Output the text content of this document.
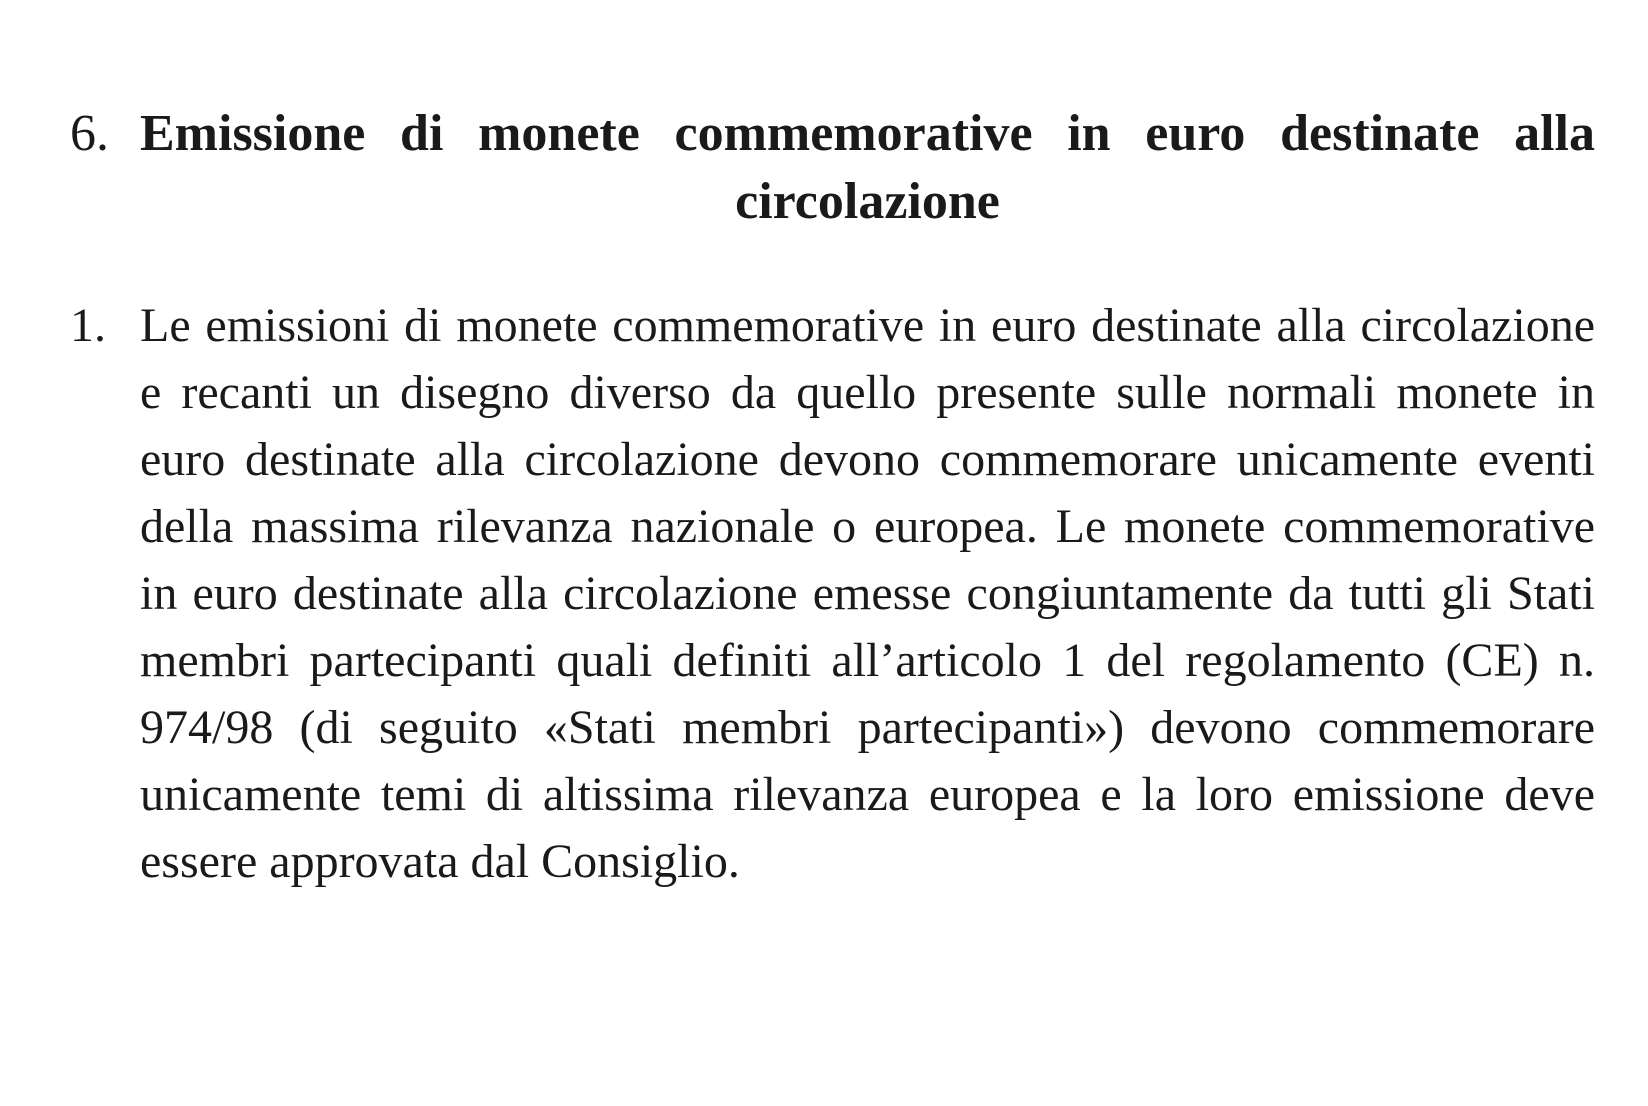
6. Emissione di monete commemorative in euro destinate alla circolazione
1. Le emissioni di monete commemorative in euro destinate alla circolazione e recanti un disegno diverso da quello presente sulle normali monete in euro destinate alla circolazione devono commemorare unicamente eventi della massima rilevanza nazionale o europea. Le monete commemorative in euro destinate alla circolazione emesse congiuntamente da tutti gli Stati membri partecipanti quali definiti all’articolo 1 del regolamento (CE) n. 974/98 (di seguito «Stati membri partecipanti») devono commemorare unicamente temi di altissima rilevanza europea e la loro emissione deve essere approvata dal Consiglio.
